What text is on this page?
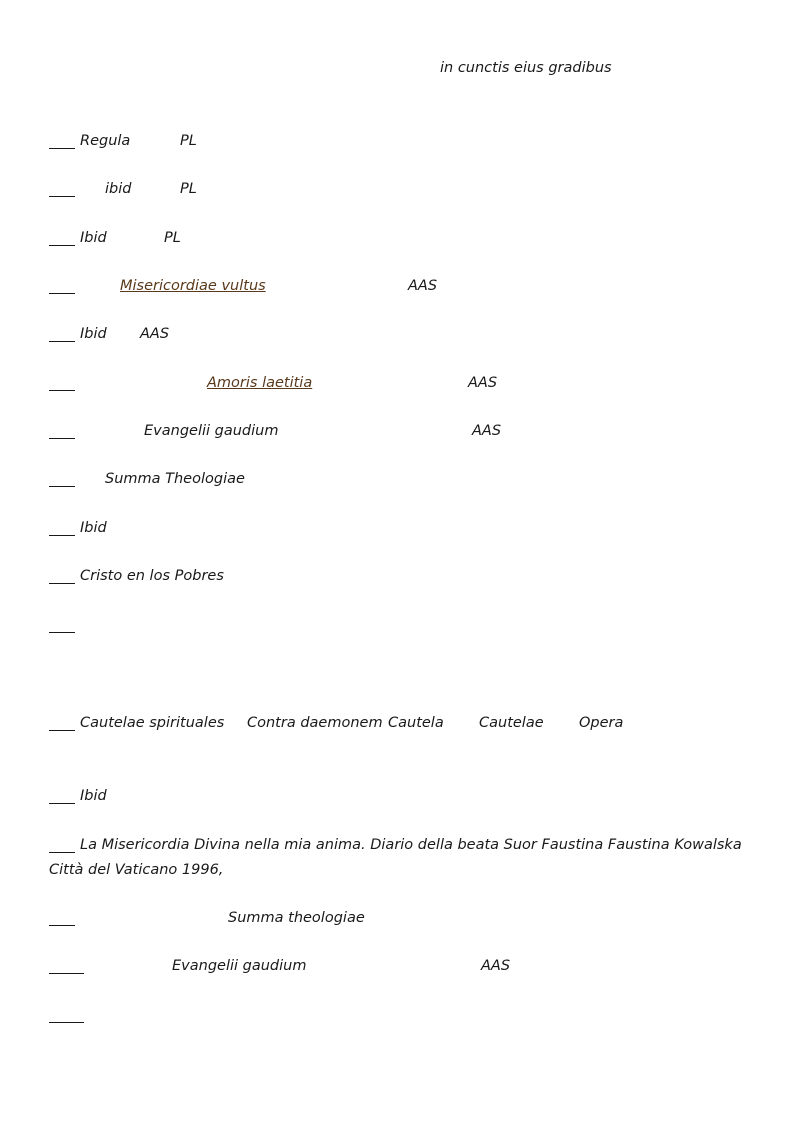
in cunctis eius gradibus
Regula	PL
ibid	PL
Ibid	PL
Misericordiae vultus	AAS
Ibid AAS
Amoris laetitia	AAS
Evangelii gaudium	AAS
Summa Theologiae
Ibid
Cristo en los Pobres
Cautelae spirituales Contra daemonem Cautela Cautelae Opera
Ibid
La Misericordia Divina nella mia anima. Diario della beata Suor Faustina Faustina Kowalska
Città del Vaticano 1996,
Summa theologiae
Evangelii gaudium	AAS
